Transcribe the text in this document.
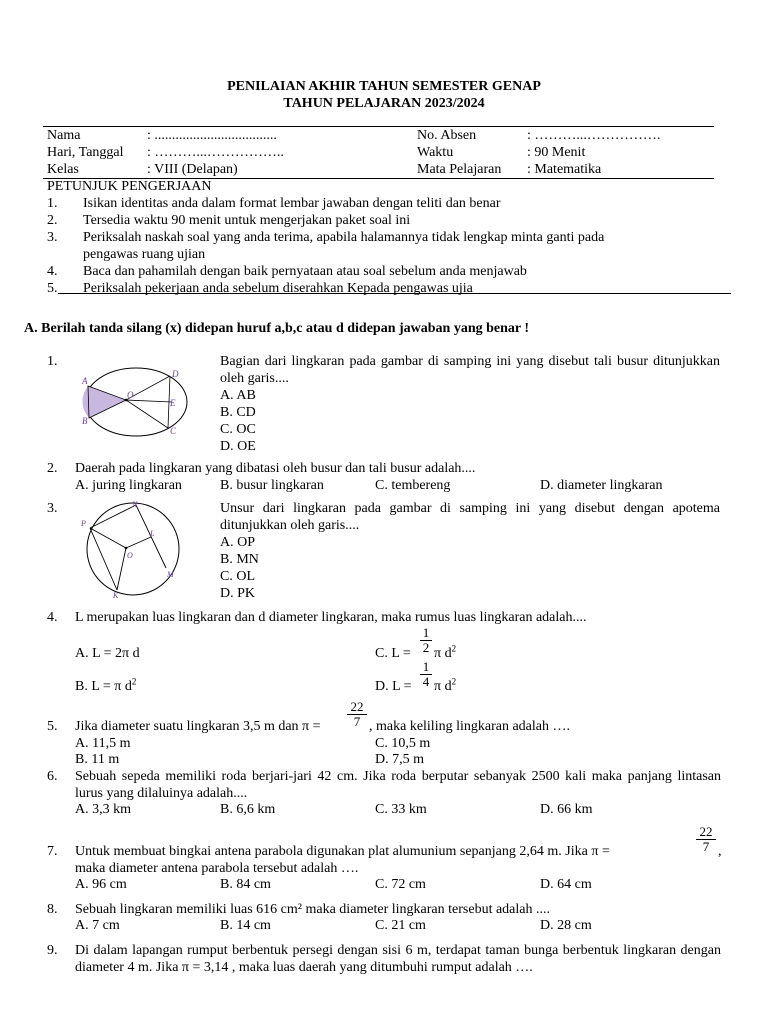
PENILAIAN AKHIR TAHUN SEMESTER GENAP
TAHUN PELAJARAN 2023/2024
Nama	: ...................................	No. Absen	: ………...…………….
Hari, Tanggal : ………...……………..	Waktu	: 90 Menit
Kelas	: VIII (Delapan)	Mata Pelajaran : Matematika
PETUNJUK PENGERJAAN
1. Isikan identitas anda dalam format lembar jawaban dengan teliti dan benar
2. Tersedia waktu 90 menit untuk mengerjakan paket soal ini
3. Periksalah naskah soal yang anda terima, apabila halamannya tidak lengkap minta ganti pada
pengawas ruang ujian
4. Baca dan pahamilah dengan baik pernyataan atau soal sebelum anda menjawab
5. Periksalah pekerjaan anda sebelum diserahkan Kepada pengawas ujia
A. Berilah tanda silang (x) didepan huruf a,b,c atau d didepan jawaban yang benar !
1.
A
B
O
D
E
C
Bagian dari lingkaran pada gambar di samping ini yang disebut tali busur ditunjukkan oleh garis....
A. AB
B. CD
C. OC
D. OE
2. Daerah pada lingkaran yang dibatasi oleh busur dan tali busur adalah....
A. juring lingkaran	B. busur lingkaran	C. tembereng	D. diameter lingkaran
3.
P
N
L
O
M
K
Unsur dari lingkaran pada gambar di samping ini yang disebut dengan apotema ditunjukkan oleh garis....
A. OP
B. MN
C. OL
D. PK
4. L merupakan luas lingkaran dan d diameter lingkaran, maka rumus luas lingkaran adalah....
A. L = 2π d	C. $L = \frac{1}{2}$ π $d^2$
B. L = π $d^2$	D. $L = \frac{1}{4}$ π $d^2$
5. Jika diameter suatu lingkaran 3,5 m dan $\pi = \frac{22}{7}$ , maka keliling lingkaran adalah ….
A. 11,5 m	C. 10,5 m
B. 11 m	D. 7,5 m
6. Sebuah sepeda memiliki roda berjari-jari 42 cm. Jika roda berputar sebanyak 2500 kali maka panjang lintasan lurus yang dilaluinya adalah....
A. 3,3 km	B. 6,6 km	C. 33 km	D. 66 km
7. Untuk membuat bingkai antena parabola digunakan plat alumunium sepanjang 2,64 m. Jika π =	$\frac{22}{7}$ ,
maka diameter antena parabola tersebut adalah ….
A. 96 cm	B. 84 cm	C. 72 cm	D. 64 cm
8. Sebuah lingkaran memiliki luas 616 cm² maka diameter lingkaran tersebut adalah ....
A. 7 cm	B. 14 cm	C. 21 cm	D. 28 cm
9. Di dalam lapangan rumput berbentuk persegi dengan sisi 6 m, terdapat taman bunga berbentuk lingkaran dengan diameter 4 m. Jika π = 3,14 , maka luas daerah yang ditumbuhi rumput adalah ….
